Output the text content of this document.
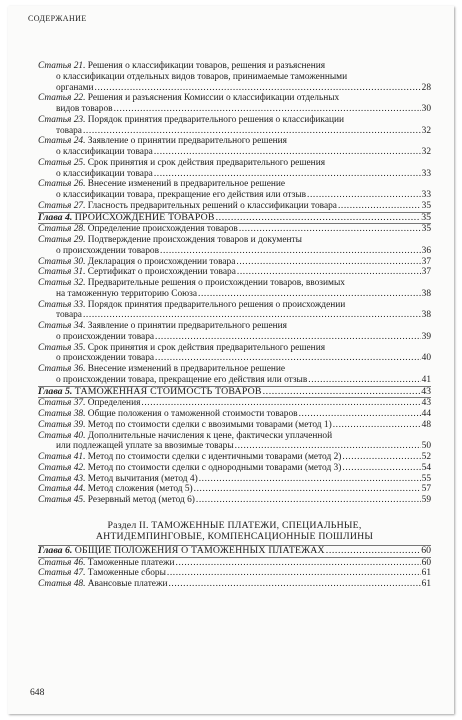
СОДЕРЖАНИЕ
Статья 21.
Решения о классификации товаров, решения и разъяснения
о классификации отдельных видов товаров, принимаемые таможенными
органами .....	28
Статья 22.
Решения и разъяснения Комиссии о классификации отдельных
видов товаров .....	30
Статья 23.
Порядок принятия предварительного решения о классификации
товара .....	32
Статья 24.
Заявление о принятии предварительного решения
о классификации товара .....	32
Статья 25.
Срок принятия и срок действия предварительного решения
о классификации товара .....	33
Статья 26.
Внесение изменений в предварительное решение
о классификации товара, прекращение его действия или отзыв .....	33
Статья 27.
Гласность предварительных решений о классификации товара .....	35
Глава 4.
ПРОИСХОЖДЕНИЕ ТОВАРОВ .....	35
Статья 28.
Определение происхождения товаров .....	35
Статья 29.
Подтверждение происхождения товаров и документы
о происхождении товаров .....	36
Статья 30.
Декларация о происхождении товара .....	37
Статья 31.
Сертификат о происхождении товара .....	37
Статья 32.
Предварительные решения о происхождении товаров, ввозимых
на таможенную территорию Союза .....	38
Статья 33.
Порядок принятия предварительного решения о происхождении
товара .....	38
Статья 34.
Заявление о принятии предварительного решения
о происхождении товара .....	39
Статья 35.
Срок принятия и срок действия предварительного решения
о происхождении товара .....	40
Статья 36.
Внесение изменений в предварительное решение
о происхождении товара, прекращение его действия или отзыв .....	41
Глава 5.
ТАМОЖЕННАЯ СТОИМОСТЬ ТОВАРОВ .....	43
Статья 37.
Определения .....	43
Статья 38.
Общие положения о таможенной стоимости товаров .....	44
Статья 39.
Метод по стоимости сделки с ввозимыми товарами (метод 1) .....	48
Статья 40.
Дополнительные начисления к цене, фактически уплаченной
или подлежащей уплате за ввозимые товары .....	50
Статья 41.
Метод по стоимости сделки с идентичными товарами (метод 2) .....	52
Статья 42.
Метод по стоимости сделки с однородными товарами (метод 3) .....	54
Статья 43.
Метод вычитания (метод 4) .....	55
Статья 44.
Метод сложения (метод 5) .....	57
Статья 45.
Резервный метод (метод 6) .....	59
Раздел II. ТАМОЖЕННЫЕ ПЛАТЕЖИ, СПЕЦИАЛЬНЫЕ,
АНТИДЕМПИНГОВЫЕ, КОМПЕНСАЦИОННЫЕ ПОШЛИНЫ
Глава 6.
ОБЩИЕ ПОЛОЖЕНИЯ О ТАМОЖЕННЫХ ПЛАТЕЖАХ .....	60
Статья 46.
Таможенные платежи .....	60
Статья 47.
Таможенные сборы .....	61
Статья 48.
Авансовые платежи .....	61
648
